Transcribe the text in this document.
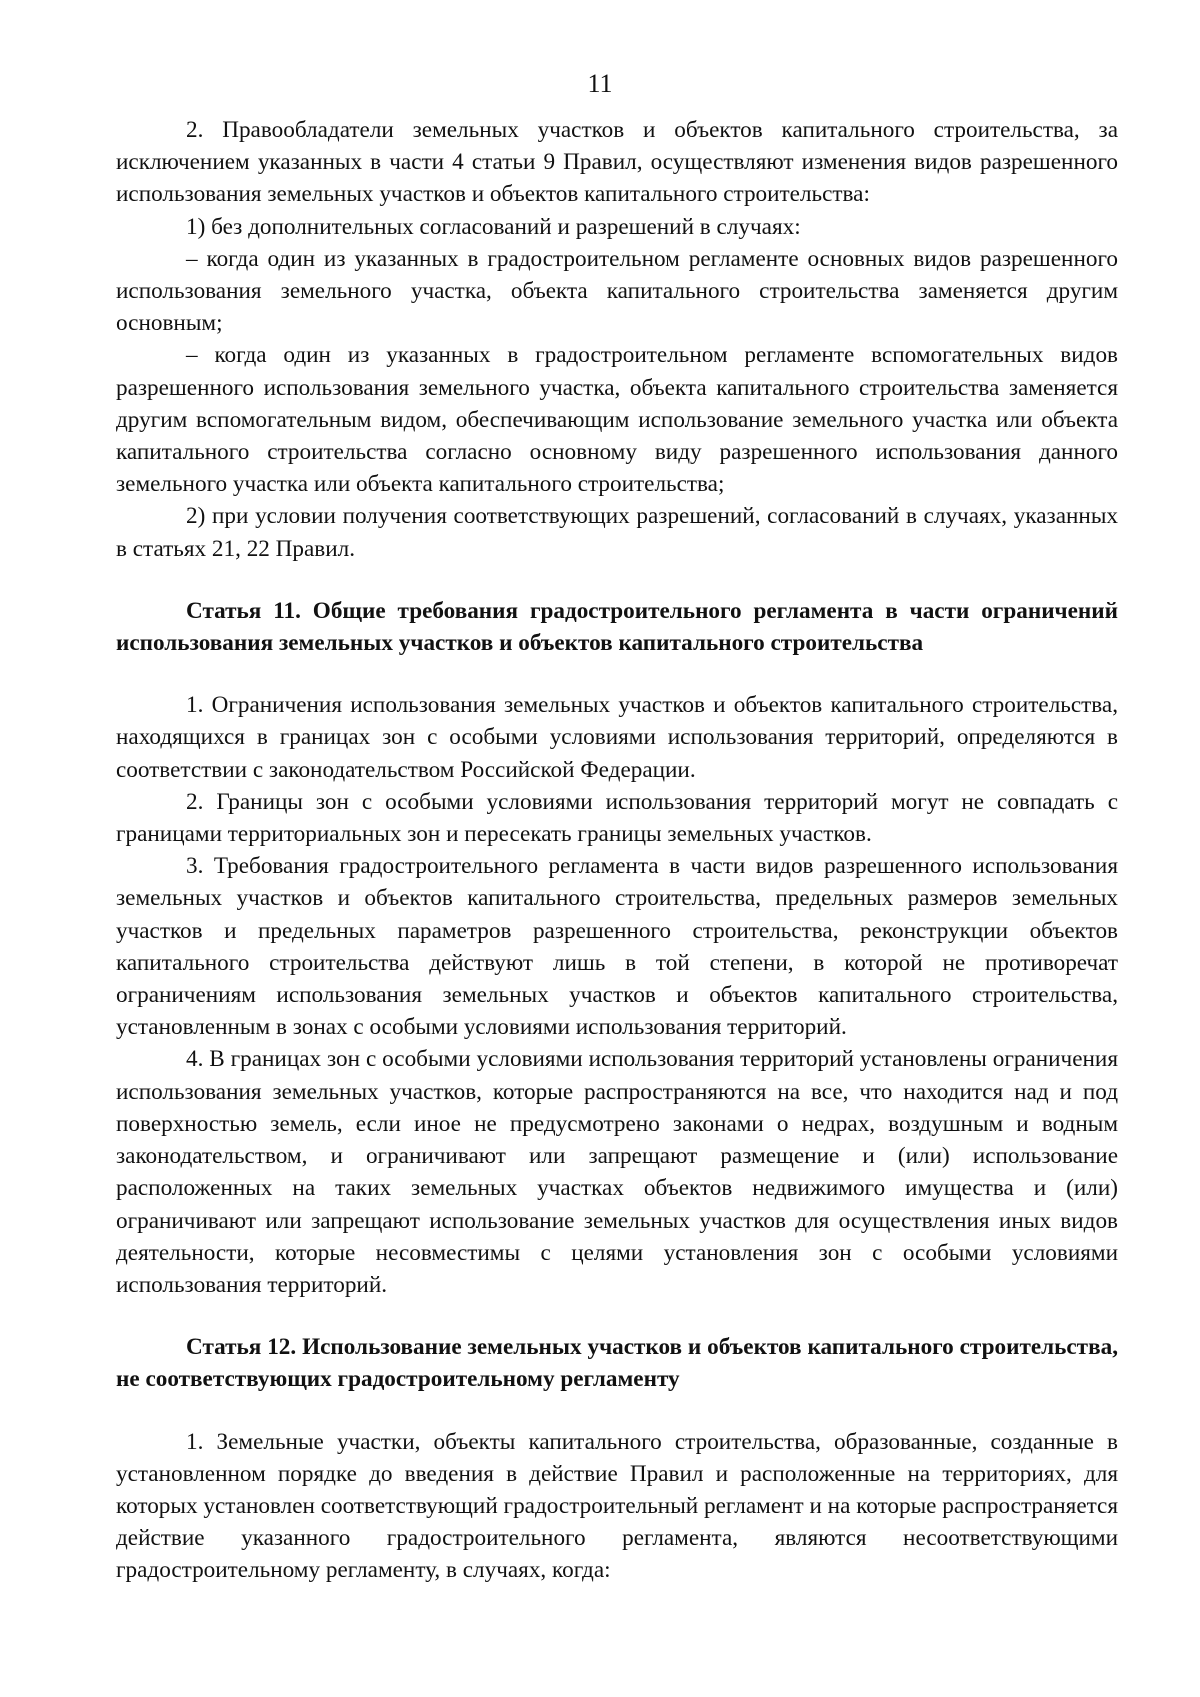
11

2. Правообладатели земельных участков и объектов капитального строительства, за исключением указанных в части 4 статьи 9 Правил, осуществляют изменения видов разрешенного использования земельных участков и объектов капитального строительства:

1) без дополнительных согласований и разрешений в случаях:

– когда один из указанных в градостроительном регламенте основных видов разрешенного использования земельного участка, объекта капитального строительства заменяется другим основным;

– когда один из указанных в градостроительном регламенте вспомогательных видов разрешенного использования земельного участка, объекта капитального строительства заменяется другим вспомогательным видом, обеспечивающим использование земельного участка или объекта капитального строительства согласно основному виду разрешенного использования данного земельного участка или объекта капитального строительства;

2) при условии получения соответствующих разрешений, согласований в случаях, указанных в статьях 21, 22 Правил.

Статья 11. Общие требования градостроительного регламента в части ограничений использования земельных участков и объектов капитального строительства

1. Ограничения использования земельных участков и объектов капитального строительства, находящихся в границах зон с особыми условиями использования территорий, определяются в соответствии с законодательством Российской Федерации.

2. Границы зон с особыми условиями использования территорий могут не совпадать с границами территориальных зон и пересекать границы земельных участков.

3. Требования градостроительного регламента в части видов разрешенного использования земельных участков и объектов капитального строительства, предельных размеров земельных участков и предельных параметров разрешенного строительства, реконструкции объектов капитального строительства действуют лишь в той степени, в которой не противоречат ограничениям использования земельных участков и объектов капитального строительства, установленным в зонах с особыми условиями использования территорий.

4. В границах зон с особыми условиями использования территорий установлены ограничения использования земельных участков, которые распространяются на все, что находится над и под поверхностью земель, если иное не предусмотрено законами о недрах, воздушным и водным законодательством, и ограничивают или запрещают размещение и (или) использование расположенных на таких земельных участках объектов недвижимого имущества и (или) ограничивают или запрещают использование земельных участков для осуществления иных видов деятельности, которые несовместимы с целями установления зон с особыми условиями использования территорий.

Статья 12. Использование земельных участков и объектов капитального строительства, не соответствующих градостроительному регламенту

1. Земельные участки, объекты капитального строительства, образованные, созданные в установленном порядке до введения в действие Правил и расположенные на территориях, для которых установлен соответствующий градостроительный регламент и на которые распространяется действие указанного градостроительного регламента, являются несоответствующими градостроительному регламенту, в случаях, когда:
